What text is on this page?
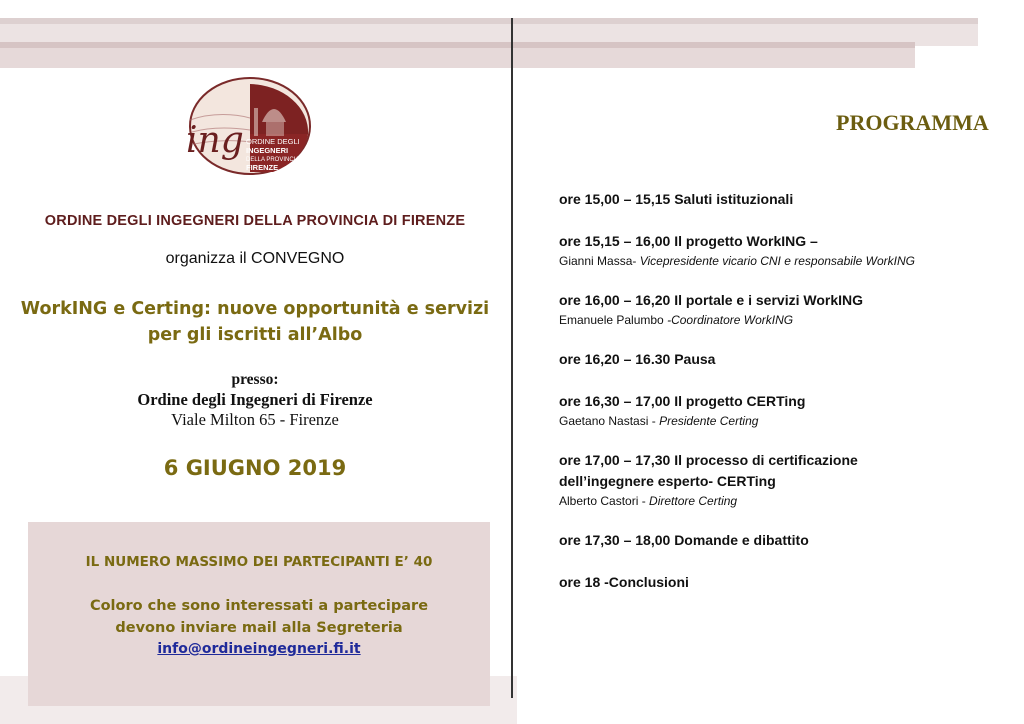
ing ORDINE DEGLI
INGEGNERI
DELLA PROVINCIA DI
FIRENZE
ORDINE DEGLI INGEGNERI DELLA PROVINCIA DI FIRENZE
organizza il CONVEGNO
WorkING e Certing: nuove opportunità e servizi
per gli iscritti all’Albo
presso:
Ordine degli Ingegneri di Firenze
Viale Milton 65 - Firenze
6 GIUGNO 2019
IL NUMERO MASSIMO DEI PARTECIPANTI E’ 40
Coloro che sono interessati a partecipare
devono inviare mail alla Segreteria
info@ordineingegneri.fi.it
PROGRAMMA
ore 15,00 – 15,15 Saluti istituzionali
ore 15,15 – 16,00 Il progetto WorkING –
Gianni Massa- Vicepresidente vicario CNI e responsabile WorkING
ore 16,00 – 16,20 Il portale e i servizi WorkING
Emanuele Palumbo -Coordinatore WorkING
ore 16,20 – 16.30 Pausa
ore 16,30 – 17,00 Il progetto CERTing
Gaetano Nastasi - Presidente Certing
ore 17,00 – 17,30 Il processo di certificazione
dell’ingegnere esperto- CERTing
Alberto Castori - Direttore Certing
ore 17,30 – 18,00 Domande e dibattito
ore 18 -Conclusioni
